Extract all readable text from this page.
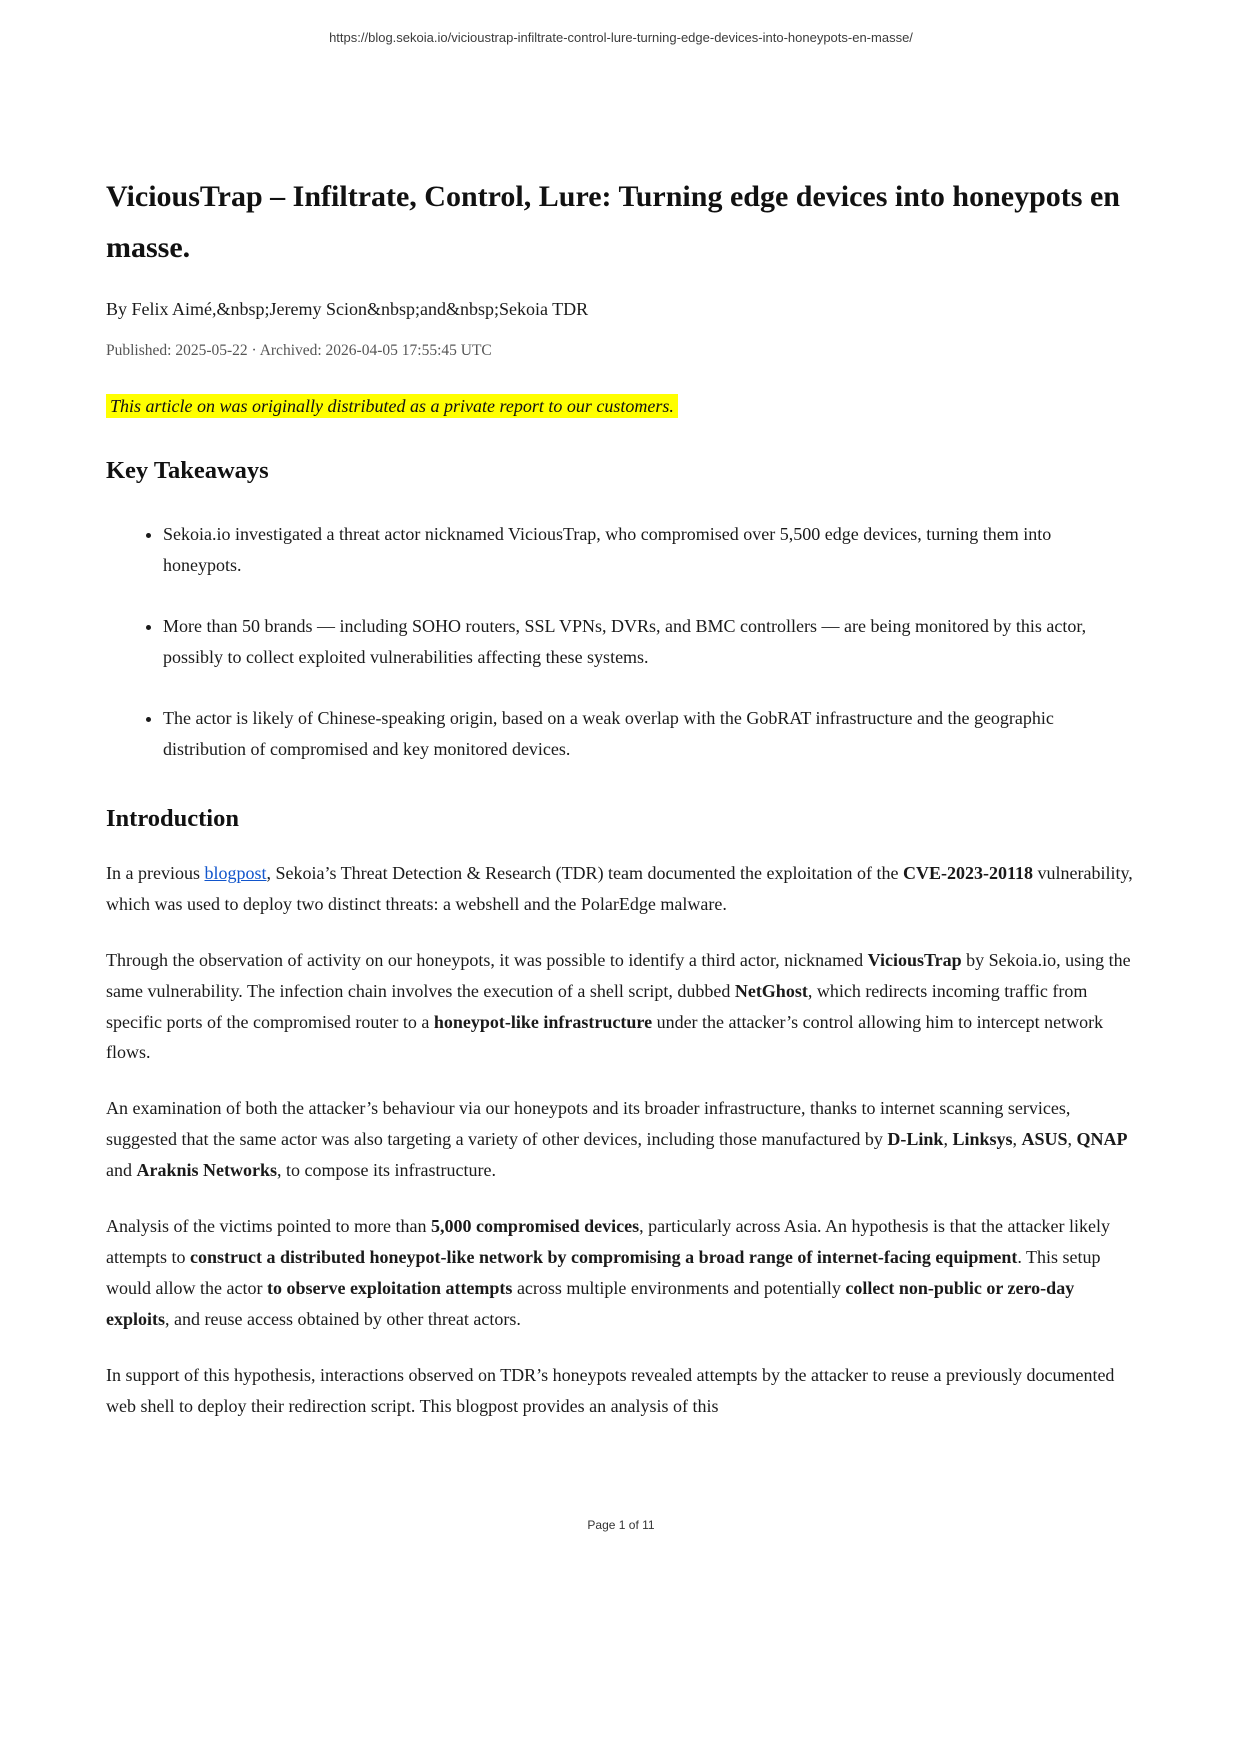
https://blog.sekoia.io/vicioustrap-infiltrate-control-lure-turning-edge-devices-into-honeypots-en-masse/
ViciousTrap – Infiltrate, Control, Lure: Turning edge devices into honeypots en masse.

By Felix Aimé,&nbsp;Jeremy Scion&nbsp;and&nbsp;Sekoia TDR

Published: 2025-05-22 · Archived: 2026-04-05 17:55:45 UTC

This article on was originally distributed as a private report to our customers.

Key Takeaways
• Sekoia.io investigated a threat actor nicknamed ViciousTrap, who compromised over 5,500 edge devices, turning them into honeypots.
• More than 50 brands — including SOHO routers, SSL VPNs, DVRs, and BMC controllers — are being monitored by this actor, possibly to collect exploited vulnerabilities affecting these systems.
• The actor is likely of Chinese-speaking origin, based on a weak overlap with the GobRAT infrastructure and the geographic distribution of compromised and key monitored devices.
Introduction

In a previous blogpost, Sekoia’s Threat Detection & Research (TDR) team documented the exploitation of the CVE-2023-20118 vulnerability, which was used to deploy two distinct threats: a webshell and the PolarEdge malware.

Through the observation of activity on our honeypots, it was possible to identify a third actor, nicknamed ViciousTrap by Sekoia.io, using the same vulnerability. The infection chain involves the execution of a shell script, dubbed NetGhost, which redirects incoming traffic from specific ports of the compromised router to a honeypot-like infrastructure under the attacker’s control allowing him to intercept network flows.

An examination of both the attacker’s behaviour via our honeypots and its broader infrastructure, thanks to internet scanning services, suggested that the same actor was also targeting a variety of other devices, including those manufactured by D-Link, Linksys, ASUS, QNAP and Araknis Networks, to compose its infrastructure.

Analysis of the victims pointed to more than 5,000 compromised devices, particularly across Asia. An hypothesis is that the attacker likely attempts to construct a distributed honeypot-like network by compromising a broad range of internet-facing equipment. This setup would allow the actor to observe exploitation attempts across multiple environments and potentially collect non-public or zero-day exploits, and reuse access obtained by other threat actors.

In support of this hypothesis, interactions observed on TDR’s honeypots revealed attempts by the attacker to reuse a previously documented web shell to deploy their redirection script. This blogpost provides an analysis of this

Page 1 of 11
